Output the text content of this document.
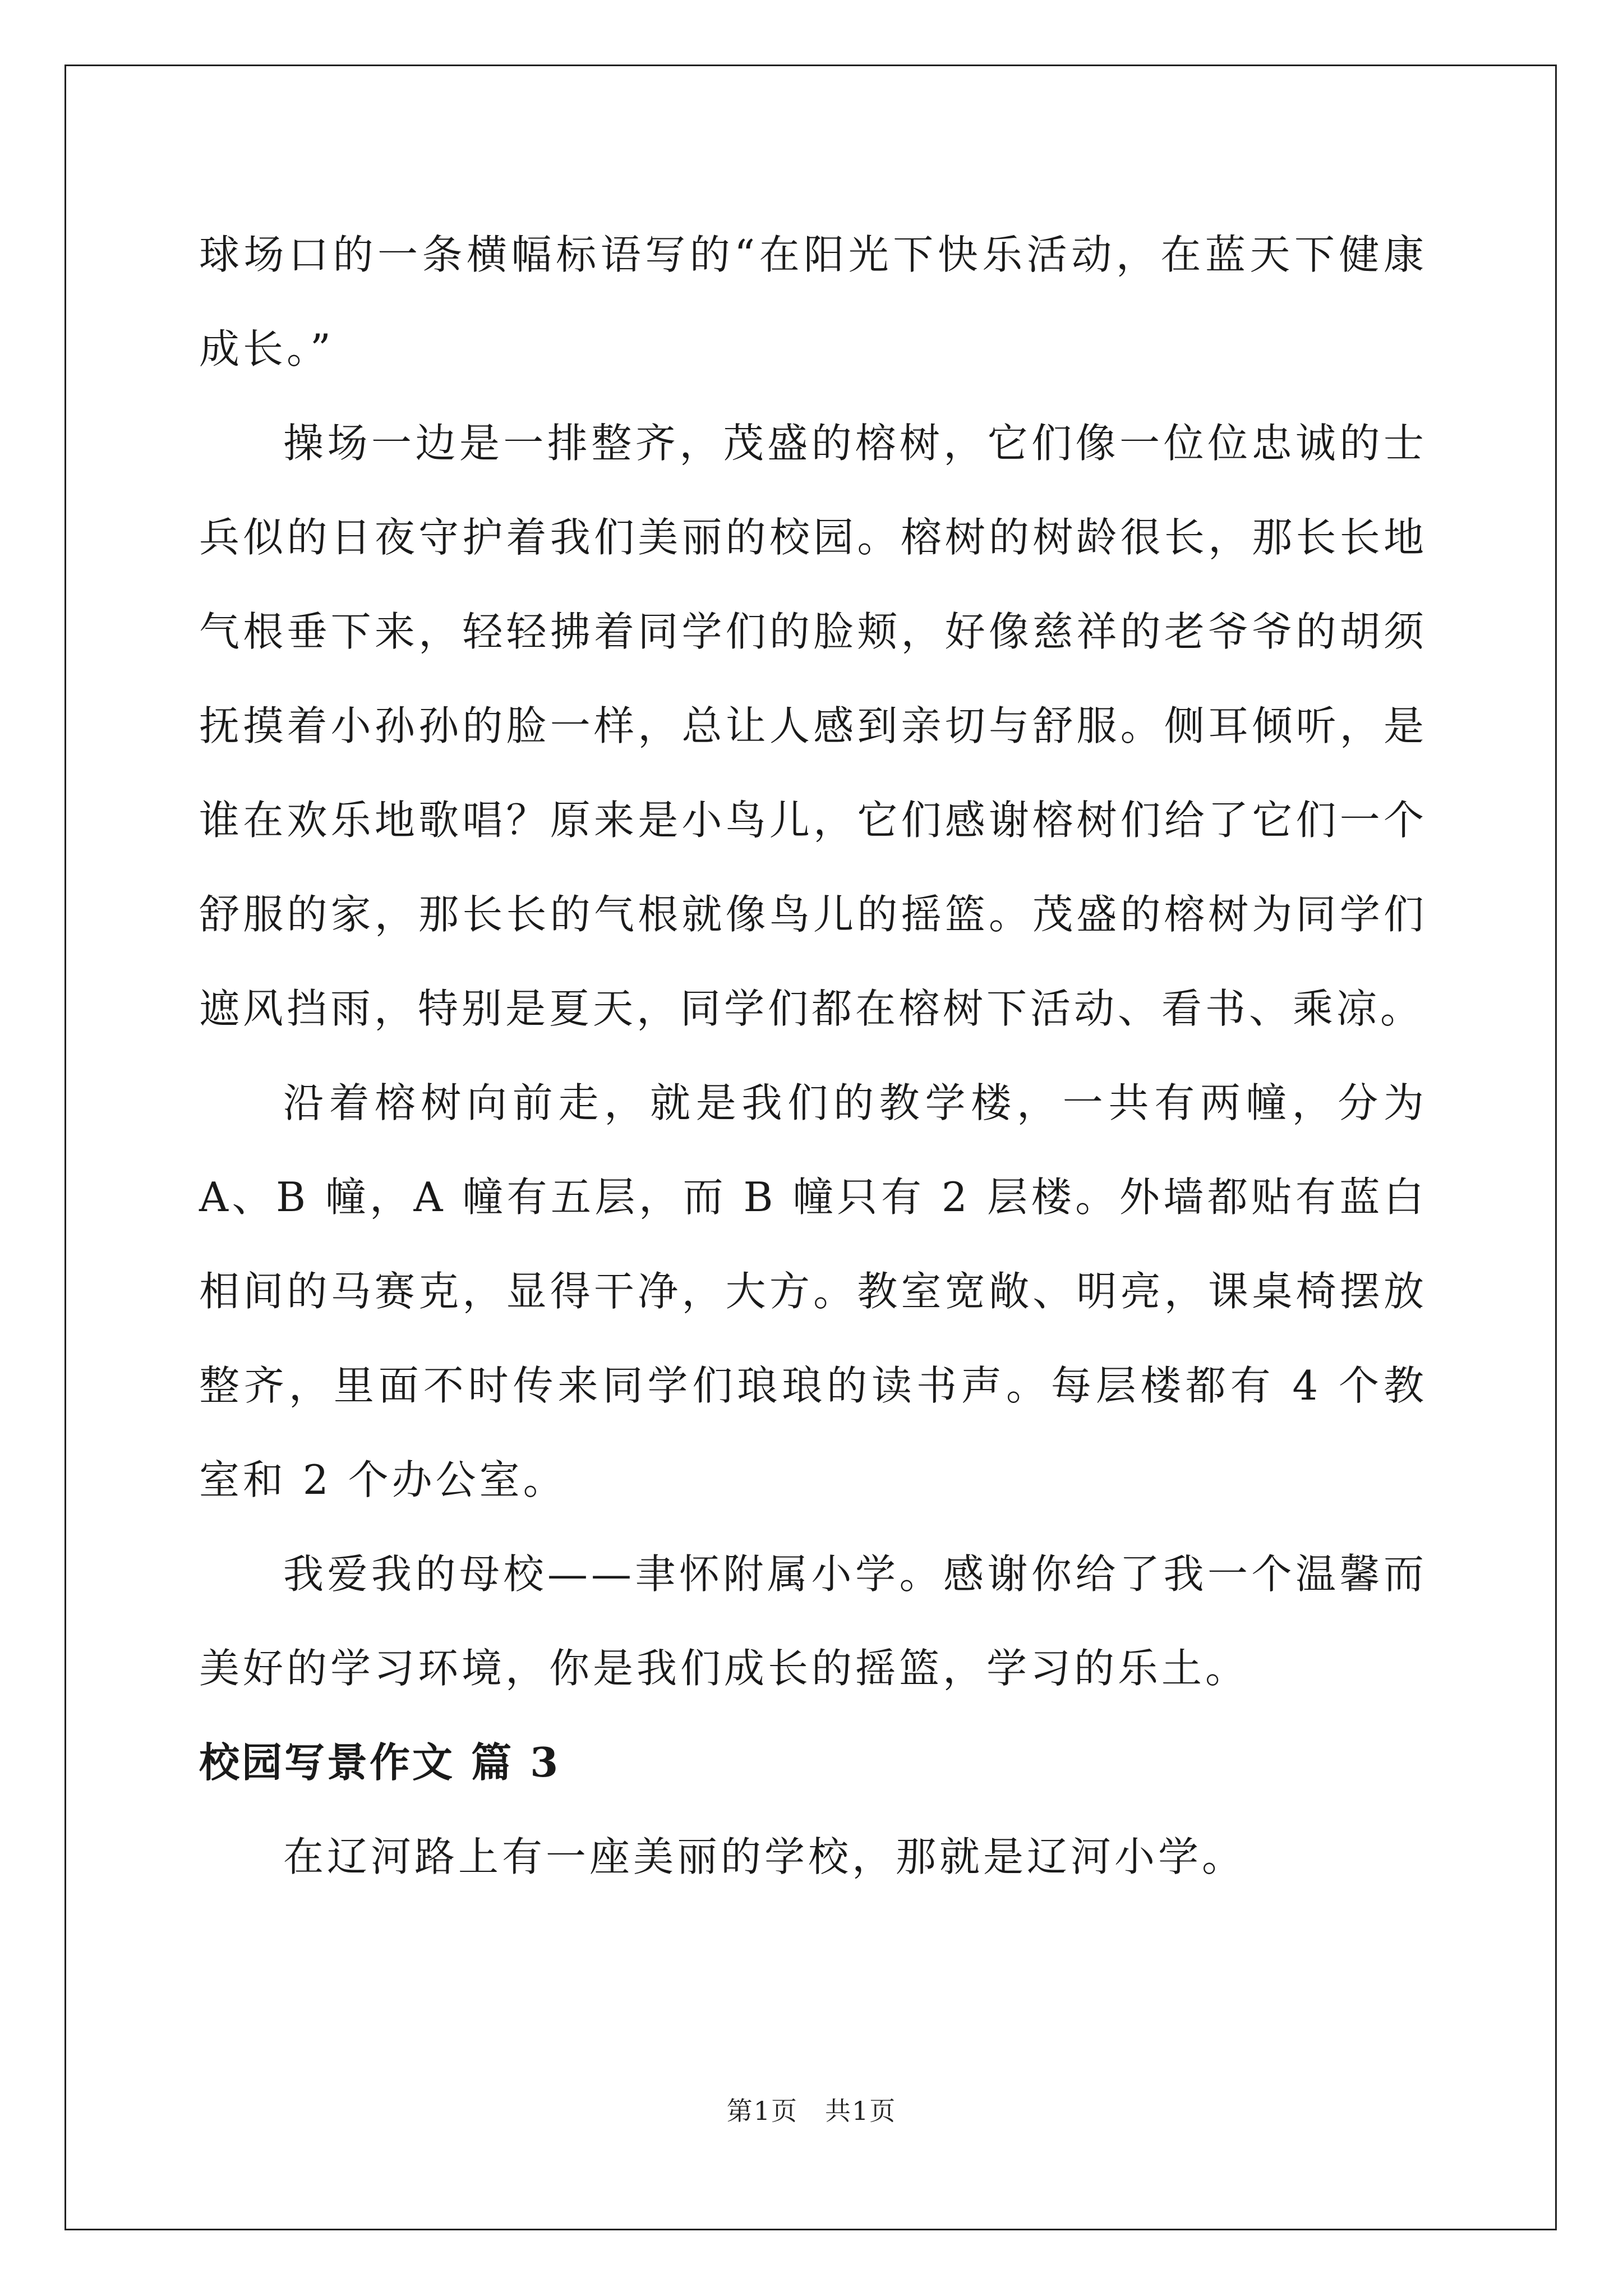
球场口的一条横幅标语写的“在阳光下快乐活动，在蓝天下健康成长。”

操场一边是一排整齐，茂盛的榕树，它们像一位位忠诚的士兵似的日夜守护着我们美丽的校园。榕树的树龄很长，那长长地气根垂下来，轻轻拂着同学们的脸颊，好像慈祥的老爷爷的胡须抚摸着小孙孙的脸一样，总让人感到亲切与舒服。侧耳倾听，是谁在欢乐地歌唱？原来是小鸟儿，它们感谢榕树们给了它们一个舒服的家，那长长的气根就像鸟儿的摇篮。茂盛的榕树为同学们遮风挡雨，特别是夏天，同学们都在榕树下活动、看书、乘凉。

沿着榕树向前走，就是我们的教学楼，一共有两幢，分为 A、B 幢，A 幢有五层，而 B 幢只有 2 层楼。外墙都贴有蓝白相间的马赛克，显得干净，大方。教室宽敞、明亮，课桌椅摆放整齐，里面不时传来同学们琅琅的读书声。每层楼都有 4 个教室和 2 个办公室。

我爱我的母校——聿怀附属小学。感谢你给了我一个温馨而美好的学习环境，你是我们成长的摇篮，学习的乐土。

校园写景作文 篇 3

在辽河路上有一座美丽的学校，那就是辽河小学。

第1页　共1页
